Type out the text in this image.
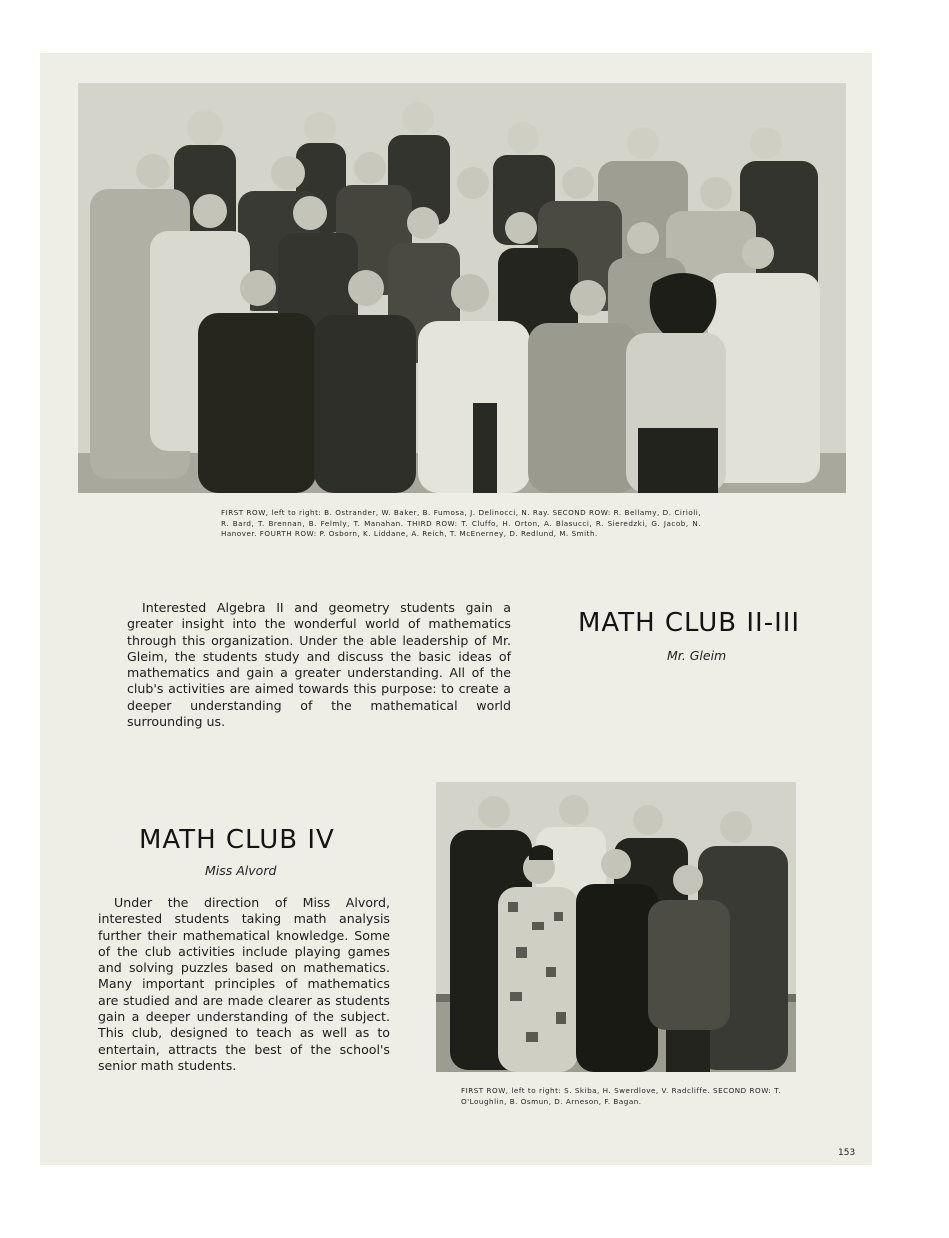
FIRST ROW, left to right: B. Ostrander, W. Baker, B. Fumosa, J. Delinocci, N. Ray. SECOND ROW: R. Bellamy, D. Cirioli, R. Bard, T. Brennan, B. Felmly, T. Manahan. THIRD ROW: T. Cluffo, H. Orton, A. Blasucci, R. Sieredzki, G. Jacob, N. Hanover. FOURTH ROW: P. Osborn, K. Liddane, A. Reich, T. McEnerney, D. Redlund, M. Smith.
Interested Algebra II and geometry students gain a greater insight into the wonderful world of mathematics through this organization. Under the able leadership of Mr. Gleim, the students study and discuss the basic ideas of mathematics and gain a greater understanding. All of the club's activities are aimed towards this purpose: to create a deeper understanding of the mathematical world surrounding us.
MATH CLUB II-III
Mr. Gleim
MATH CLUB IV
Miss Alvord
Under the direction of Miss Alvord, interested students taking math analysis further their mathematical knowledge. Some of the club activities include playing games and solving puzzles based on mathematics. Many important principles of mathematics are studied and are made clearer as students gain a deeper understanding of the subject. This club, designed to teach as well as to entertain, attracts the best of the school's senior math students.
FIRST ROW, left to right: S. Skiba, H. Swerdlove, V. Radcliffe. SECOND ROW: T. O'Loughlin, B. Osmun, D. Arneson, F. Bagan.
153
